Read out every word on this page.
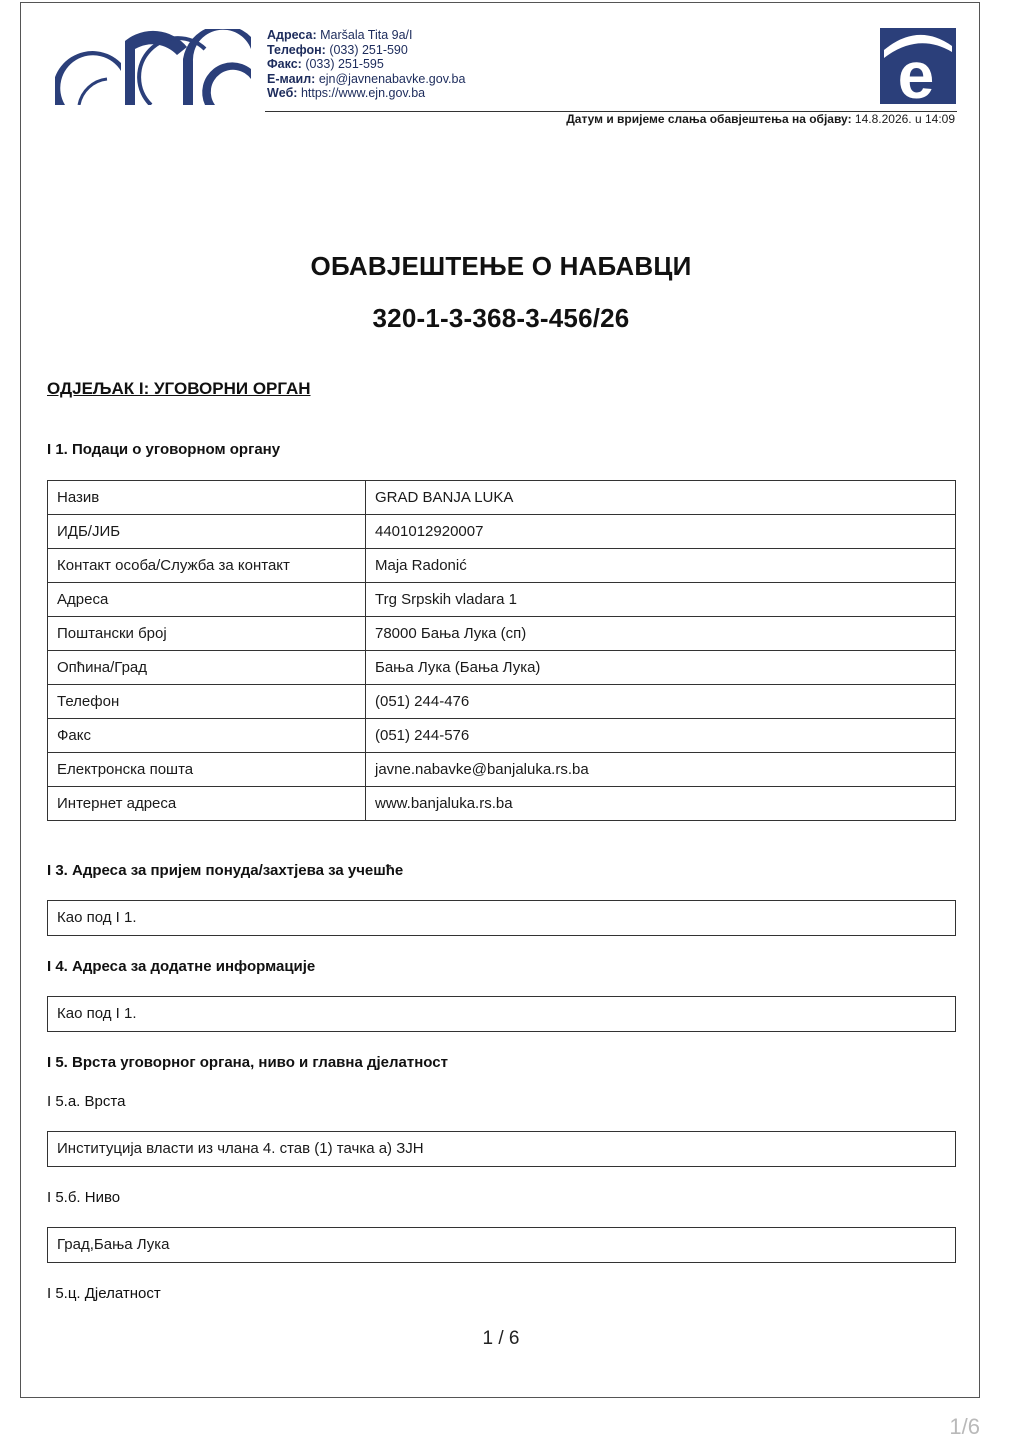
Адреса: Maršala Tita 9a/I
Телефон: (033) 251-590
Факс: (033) 251-595
E-маил: ejn@javnenabavke.gov.ba
Wеб: https://www.ejn.gov.ba	e
Датум и вријеме слања обавјештења на објаву: 14.8.2026. u 14:09
ОБАВЈЕШТЕЊЕ О НАБАВЦИ
320-1-3-368-3-456/26
ОДЈЕЉАК I: УГОВОРНИ ОРГАН
I 1. Подаци о уговорном органу
Назив	GRAD BANJA LUKA
ИДБ/ЈИБ	4401012920007
Контакт особа/Служба за контакт	Maja Radonić
Адреса	Trg Srpskih vladara 1
Поштански број	78000 Бања Лука (сп)
Опћина/Град	Бања Лука (Бања Лука)
Телефон	(051) 244-476
Факс	(051) 244-576
Електронска пошта	javne.nabavke@banjaluka.rs.ba
Интернет адреса	www.banjaluka.rs.ba
I 3. Адреса за пријем понуда/захтјева за учешће
Као под I 1.
I 4. Адреса за додатне информације
Као под I 1.
I 5. Врста уговорног органа, ниво и главна дјелатност
I 5.а. Врста
Институција власти из члана 4. став (1) тачка а) ЗЈН
I 5.б. Ниво
Град,Бања Лука
I 5.ц. Дјелатност
1 / 6
1/6
